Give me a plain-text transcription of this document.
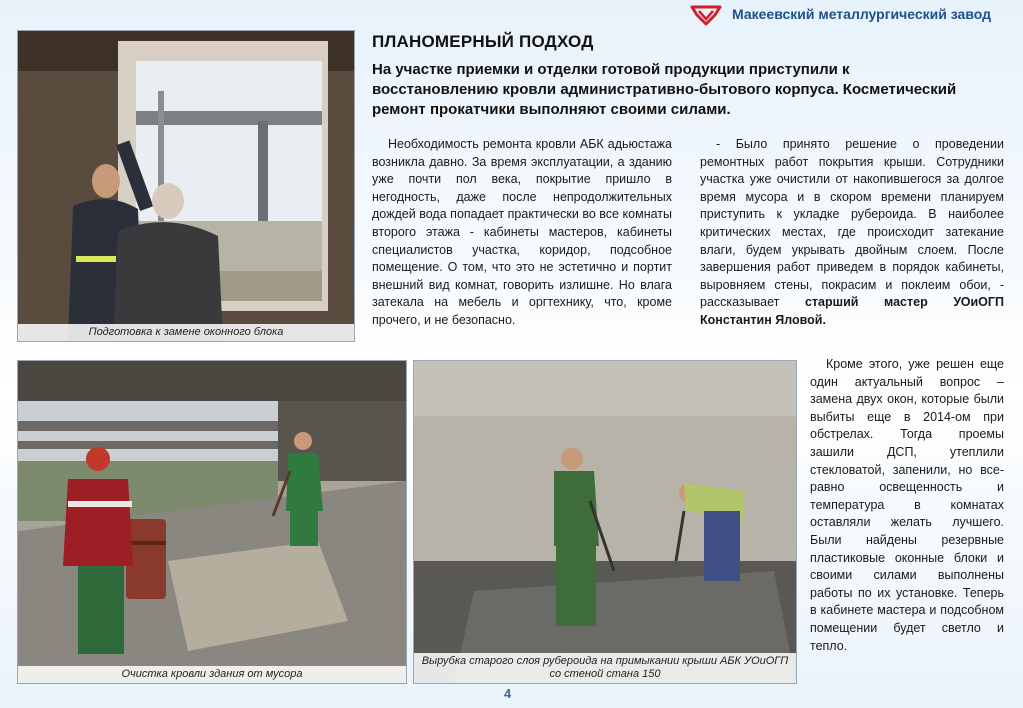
Макеевский металлургический завод
Подготовка к замене оконного блока
Очистка кровли здания от мусора
Вырубка старого слоя рубероида на примыкании крыши АБК УОиОГП со стеной стана 150
ПЛАНОМЕРНЫЙ ПОДХОД
На участке приемки и отделки готовой продукции приступили к восстановлению кровли административно-бытового корпуса. Косметический ремонт прокатчики выполняют своими силами.

Необходимость ремонта кровли АБК адьюстажа возникла давно. За время эксплуатации, а зданию уже почти пол века, покрытие пришло в негодность, даже после непродолжительных дождей вода попадает практически во все комнаты второго этажа - кабинеты мастеров, кабинеты специалистов участка, коридор, подсобное помещение. О том, что это не эстетично и портит внешний вид комнат, говорить излишне. Но влага затекала на мебель и оргтехнику, что, кроме прочего, и не безопасно.

- Было принято решение о проведении ремонтных работ покрытия крыши. Сотрудники участка уже очистили от накопившегося за долгое время мусора и в скором времени планируем приступить к укладке рубероида. В наиболее критических местах, где происходит затекание влаги, будем укрывать двойным слоем. После завершения работ приведем в порядок кабинеты, выровняем стены, покрасим и поклеим обои, - рассказывает старший мастер УОиОГП Константин Яловой.

Кроме этого, уже решен еще один актуальный вопрос – замена двух окон, которые были выбиты еще в 2014-ом при обстрелах. Тогда проемы зашили ДСП, утеплили стекловатой, запенили, но все-равно освещенность и температура в комнатах оставляли желать лучшего. Были найдены резервные пластиковые оконные блоки и своими силами выполнены работы по их установке. Теперь в кабинете мастера и подсобном помещении будет светло и тепло.

4
